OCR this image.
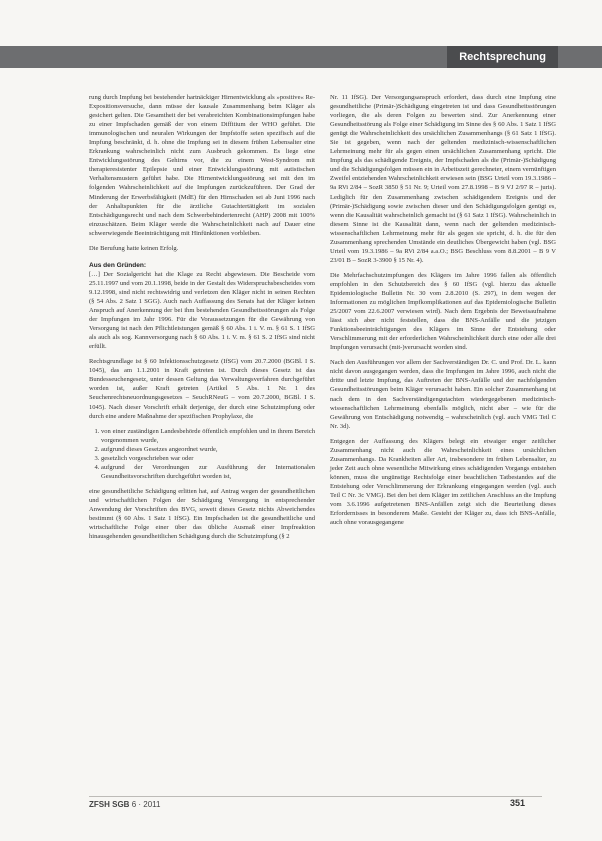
Rechtsprechung

rung durch Impfung bei bestehender hartnäckiger Hirnentwicklung als »positive« Re-Expositionsversuche, dann müsse der kausale Zusammenhang beim Kläger als gesichert gelten. Die Gesamtheit der bei verabreichten Kombinationsimpfungen habe zu einer Impfschaden gemäß der von einem Diffitium der WHO geführt. Die immunologischen und neuralen Wirkungen der Impfstoffe seien spezifisch auf die Impfung beschränkt, d. h. ohne die Impfung sei in diesem frühen Lebensalter eine Erkrankung wahrscheinlich nicht zum Ausbruch gekommen. Es liege eine Entwicklungsstörung des Gehirns vor, die zu einem West-Syndrom mit therapieresistenter Epilepsie und einer Entwicklungsstörung mit autistischen Verhaltensmustern geführt habe. Die Hirnentwicklungsstörung sei mit den im folgenden Wahrscheinlichkeit auf die Impfungen zurückzuführen. Der Grad der Minderung der Erwerbsfähigkeit (MdE) für den Hirnschaden sei ab Juni 1996 nach der Anhaltspunkten für die ärztliche Gutachtertätigkeit im sozialen Entschädigungsrecht und nach dem Schwerbehindertenrecht (AHP) 2008 mit 100% einzuschätzen. Beim Kläger werde die Wahrscheinlichkeit nach auf Dauer eine schwerwiegende Beeinträchtigung mit Hinfünktionen vorbleiben.

Die Berufung hatte keinen Erfolg.

Aus den Gründen:

[…] Der Sozialgericht hat die Klage zu Recht abgewiesen. Die Bescheide vom 25.11.1997 und vom 20.1.1998, beide in der Gestalt des Widerspruchsbescheides vom 9.12.1998, sind nicht rechtswidrig und verletzen den Kläger nicht in seinen Rechten (§ 54 Abs. 2 Satz 1 SGG). Auch nach Auffassung des Senats hat der Kläger keinen Anspruch auf Anerkennung der bei ihm bestehenden Gesundheitsstörungen als Folge der Impfungen im Jahr 1996. Für die Voraussetzungen für die Gewährung von Versorgung ist nach den Pflichtleistungen gemäß § 60 Abs. 1 i. V. m. § 61 S. 1 IfSG als auch als sog. Kannversorgung nach § 60 Abs. 1 i. V. m. § 61 S. 2 IfSG sind nicht erfüllt.

Rechtsgrundlage ist § 60 Infektionsschutzgesetz (IfSG) vom 20.7.2000 (BGBl. I S. 1045), das am 1.1.2001 in Kraft getreten ist. Durch dieses Gesetz ist das Bundesseuchengesetz, unter dessen Geltung das Verwaltungsverfahren durchgeführt worden ist, außer Kraft getreten (Artikel 5 Abs. 1 Nr. 1 des Seuchenrechtsneuordnungsgesetzes – SeuchRNeuG – vom 20.7.2000, BGBl. I S. 1045). Nach dieser Vorschrift erhält derjenige, der durch eine Schutzimpfung oder durch eine andere Maßnahme der spezifischen Prophylaxe, die

1. von einer zuständigen Landesbehörde öffentlich empfohlen und in ihrem Bereich vorgenommen wurde,
2. aufgrund dieses Gesetzes angeordnet wurde,
3. gesetzlich vorgeschrieben war oder
4. aufgrund der Verordnungen zur Ausführung der Internationalen Gesundheitsvorschriften durchgeführt worden ist,

eine gesundheitliche Schädigung erlitten hat, auf Antrag wegen der gesundheitlichen und wirtschaftlichen Folgen der Schädigung Versorgung in entsprechender Anwendung der Vorschriften des BVG, soweit dieses Gesetz nichts Abweichendes bestimmt (§ 60 Abs. 1 Satz 1 IfSG). Ein Impfschaden ist die gesundheitliche und wirtschaftliche Folge einer über das übliche Ausmaß einer Impfreaktion hinausgehenden gesundheitlichen Schädigung durch die Schutzimpfung (§ 2

Nr. 11 IfSG). Der Versorgungsanspruch erfordert, dass durch eine Impfung eine gesundheitliche (Primär-)Schädigung eingetreten ist und dass Gesundheitsstörungen vorliegen, die als deren Folgen zu bewerten sind. Zur Anerkennung einer Gesundheitsstörung als Folge einer Schädigung im Sinne des § 60 Abs. 1 Satz 1 IfSG genügt die Wahrscheinlichkeit des ursächlichen Zusammenhangs (§ 61 Satz 1 IfSG). Sie ist gegeben, wenn nach der geltenden medizinisch-wissenschaftlichen Lehrmeinung mehr für als gegen einen ursächlichen Zusammenhang spricht. Die Impfung als das schädigende Ereignis, der Impfschaden als die (Primär-)Schädigung und die Schädigungsfolgen müssen ein in Arbeitszeit gerechneter, einem vernünftigen Zweifel entziehenden Wahrscheinlichkeit erwiesen sein (BSG Urteil vom 19.3.1986 – 9a RVi 2/84 – SozR 3850 § 51 Nr. 9; Urteil vom 27.8.1998 – B 9 VJ 2/97 R – juris). Lediglich für den Zusammenhang zwischen schädigendem Ereignis und der (Primär-)Schädigung sowie zwischen dieser und den Schädigungsfolgen genügt es, wenn die Kausalität wahrscheinlich gemacht ist (§ 61 Satz 1 IfSG). Wahrscheinlich in diesem Sinne ist die Kausalität dann, wenn nach der geltenden medizinisch-wissenschaftlichen Lehrmeinung mehr für als gegen sie spricht, d. h. die für den Zusammenhang sprechenden Umstände ein deutliches Übergewicht haben (vgl. BSG Urteil vom 19.3.1986 – 9a RVi 2/84 a.a.O.; BSG Beschluss vom 8.8.2001 – B 9 V 23/01 B – SozR 3-3900 § 15 Nr. 4).

Die Mehrfachschutzimpfungen des Klägers im Jahre 1996 fallen als öffentlich empfohlen in den Schutzbereich des § 60 IfSG (vgl. hierzu das aktuelle Epidemiologische Bulletin Nr. 30 vom 2.8.2010 (S. 297), in dem wegen der Informationen zu möglichen Impfkomplikationen auf das Epidemiologische Bulletin 25/2007 vom 22.6.2007 verwiesen wird). Nach dem Ergebnis der Beweisaufnahme lässt sich aber nicht feststellen, dass die BNS-Anfälle und die jetzigen Funktionsbeeinträchtigungen des Klägers im Sinne der Entstehung oder Verschlimmerung mit der erforderlichen Wahrscheinlichkeit durch eine oder alle drei Impfungen verursacht (mit-)verursacht worden sind.

Nach den Ausführungen vor allem der Sachverständigen Dr. C. und Prof. Dr. L. kann nicht davon ausgegangen werden, dass die Impfungen im Jahre 1996, auch nicht die dritte und letzte Impfung, das Auftreten der BNS-Anfälle und der nachfolgenden Gesundheitsstörungen beim Kläger verursacht haben. Ein solcher Zusammenhang ist nach dem in den Sachverständigengutachten wiedergegebenen medizinisch-wissenschaftlichen Lehrmeinung ebenfalls möglich, nicht aber – wie für die Gewährung von Entschädigung notwendig – wahrscheinlich (vgl. auch VMG Teil C Nr. 3d).

Entgegen der Auffassung des Klägers belegt ein etwaiger enger zeitlicher Zusammenhang nicht auch die Wahrscheinlichkeit eines ursächlichen Zusammenhangs. Da Krankheiten aller Art, insbesondere im frühen Lebensalter, zu jeder Zeit auch ohne wesentliche Mitwirkung eines schädigenden Vorgangs entstehen können, muss die ungünstige Rechtsfolge einer beachtlichen Tatbestandes auf die Entstehung oder Verschlimmerung der Erkrankung eingegangen werden (vgl. auch Teil C Nr. 3c VMG). Bei den bei dem Kläger im zeitlichen Anschluss an die Impfung vom 3.6.1996 aufgetretenen BNS-Anfällen zeigt sich die Beurteilung dieses Erfordernisses in besonderem Maße. Gesteht der Kläger zu, dass ich BNS-Anfälle, auch ohne vorausgegangene

ZFSH SGB 6 · 2011	351
